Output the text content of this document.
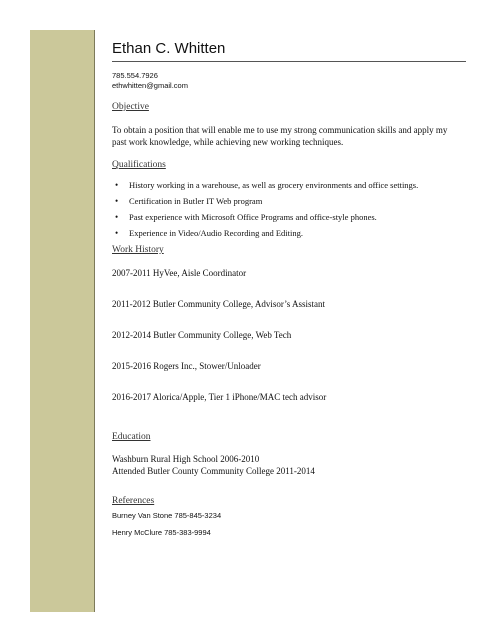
Ethan C. Whitten
785.554.7926
ethwhitten@gmail.com
Objective
To obtain a position that will enable me to use my strong communication skills and apply my past work knowledge, while achieving new working techniques.
Qualifications
• History working in a warehouse, as well as grocery environments and office settings.
• Certification in Butler IT Web program
• Past experience with Microsoft Office Programs and office-style phones.
• Experience in Video/Audio Recording and Editing.
Work History
2007-2011 HyVee, Aisle Coordinator
2011-2012 Butler Community College, Advisor’s Assistant
2012-2014 Butler Community College, Web Tech
2015-2016 Rogers Inc., Stower/Unloader
2016-2017 Alorica/Apple, Tier 1 iPhone/MAC tech advisor
Education
Washburn Rural High School 2006-2010
Attended Butler County Community College 2011-2014
References
Burney Van Stone 785-845-3234
Henry McClure 785-383-9994
